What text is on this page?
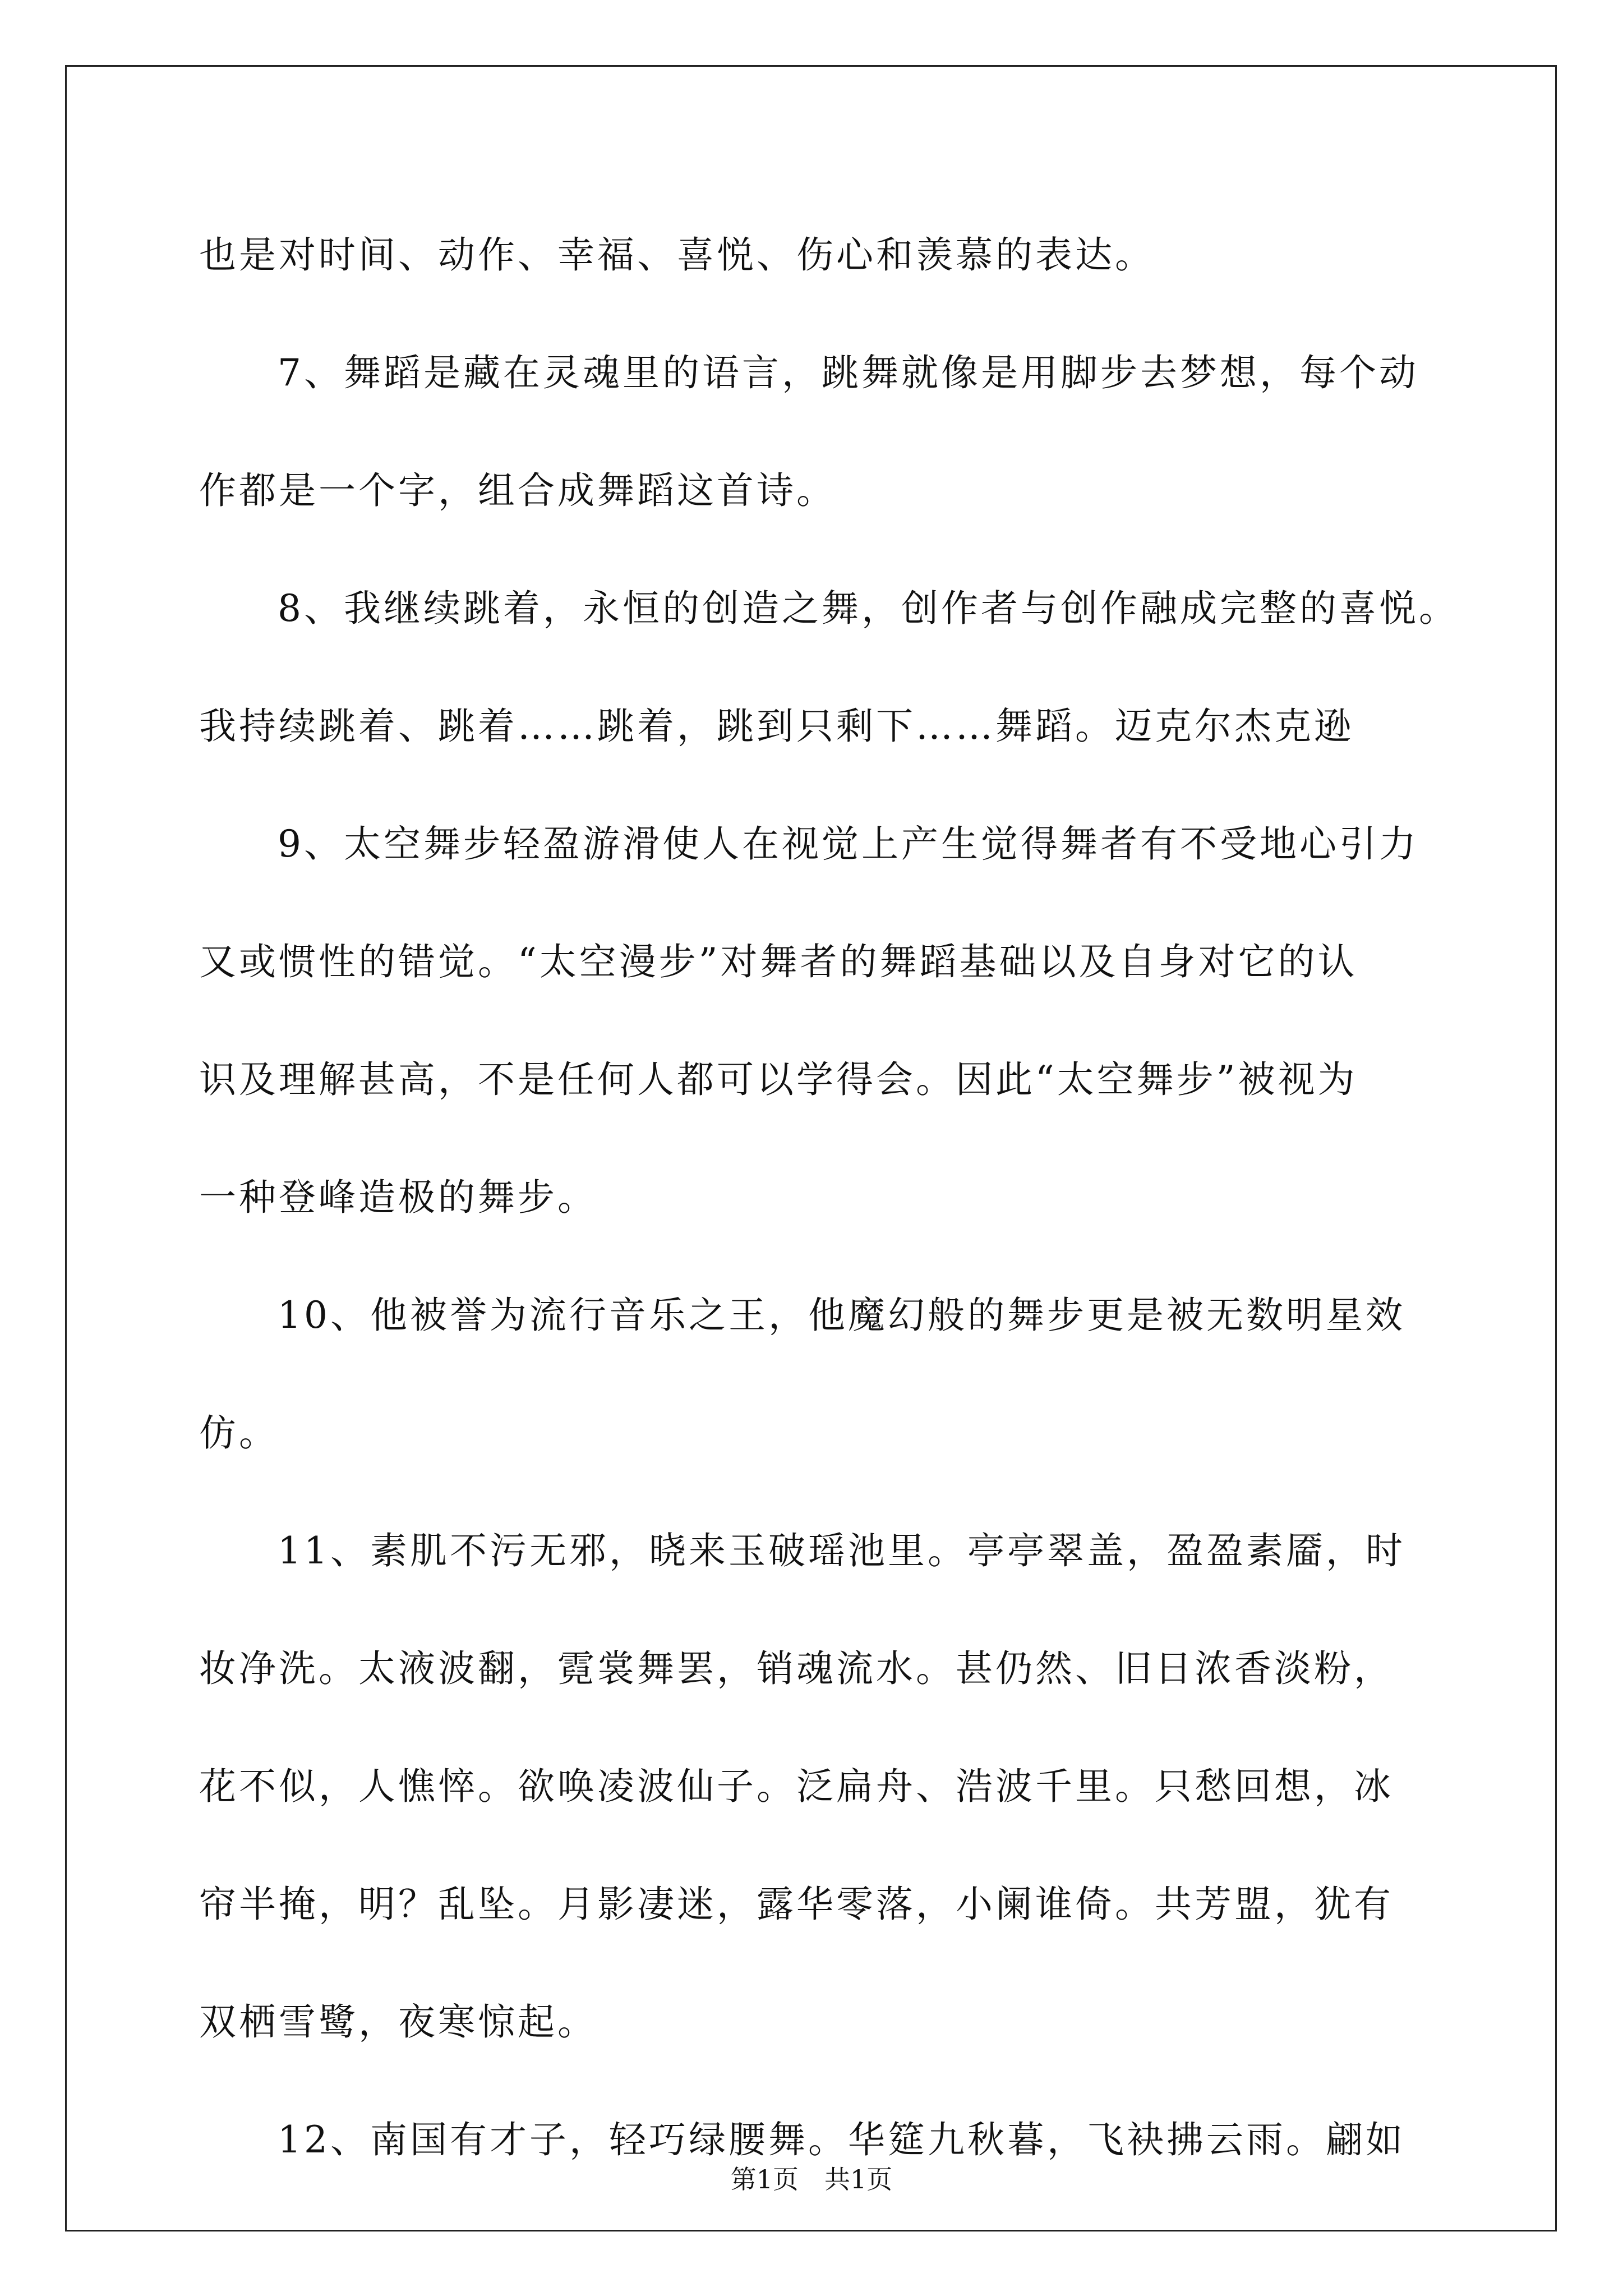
也是对时间、动作、幸福、喜悦、伤心和羡慕的表达。
7、舞蹈是藏在灵魂里的语言，跳舞就像是用脚步去梦想，每个动
作都是一个字，组合成舞蹈这首诗。
8、我继续跳着，永恒的创造之舞，创作者与创作融成完整的喜悦。
我持续跳着、跳着……跳着，跳到只剩下……舞蹈。迈克尔杰克逊
9、太空舞步轻盈游滑使人在视觉上产生觉得舞者有不受地心引力
又或惯性的错觉。“太空漫步”对舞者的舞蹈基础以及自身对它的认
识及理解甚高，不是任何人都可以学得会。因此“太空舞步”被视为
一种登峰造极的舞步。
10、他被誉为流行音乐之王，他魔幻般的舞步更是被无数明星效
仿。
11、素肌不污无邪，晓来玉破瑶池里。亭亭翠盖，盈盈素靥，时
妆净洗。太液波翻，霓裳舞罢，销魂流水。甚仍然、旧日浓香淡粉，
花不似，人憔悴。欲唤凌波仙子。泛扁舟、浩波千里。只愁回想，冰
帘半掩，明？乱坠。月影凄迷，露华零落，小阑谁倚。共芳盟，犹有
双栖雪鹭，夜寒惊起。
12、南国有才子，轻巧绿腰舞。华筵九秋暮，飞袂拂云雨。翩如
第1页　共1页
